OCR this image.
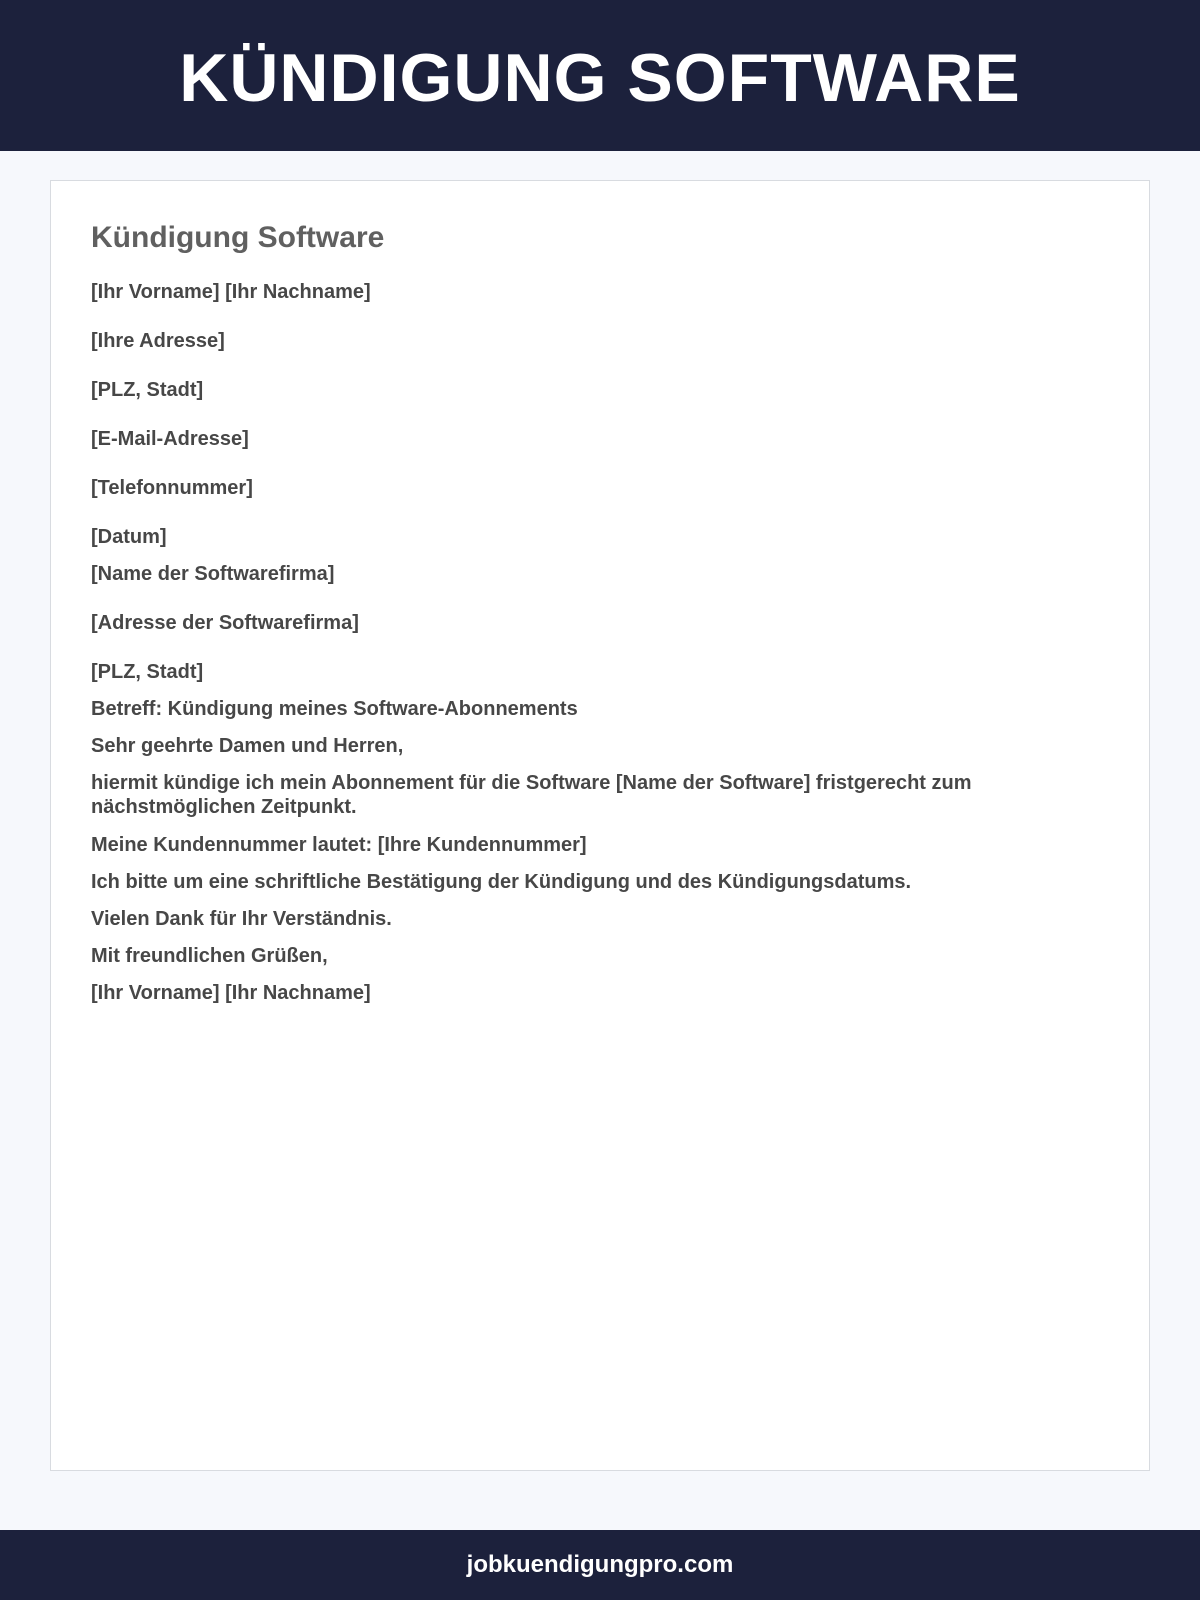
KÜNDIGUNG SOFTWARE
Kündigung Software

[Ihr Vorname] [Ihr Nachname]

[Ihre Adresse]

[PLZ, Stadt]

[E-Mail-Adresse]

[Telefonnummer]

[Datum]

[Name der Softwarefirma]

[Adresse der Softwarefirma]

[PLZ, Stadt]

Betreff: Kündigung meines Software-Abonnements

Sehr geehrte Damen und Herren,

hiermit kündige ich mein Abonnement für die Software [Name der Software] fristgerecht zum nächstmöglichen Zeitpunkt.

Meine Kundennummer lautet: [Ihre Kundennummer]

Ich bitte um eine schriftliche Bestätigung der Kündigung und des Kündigungsdatums.

Vielen Dank für Ihr Verständnis.

Mit freundlichen Grüßen,

[Ihr Vorname] [Ihr Nachname]

jobkuendigungpro.com
